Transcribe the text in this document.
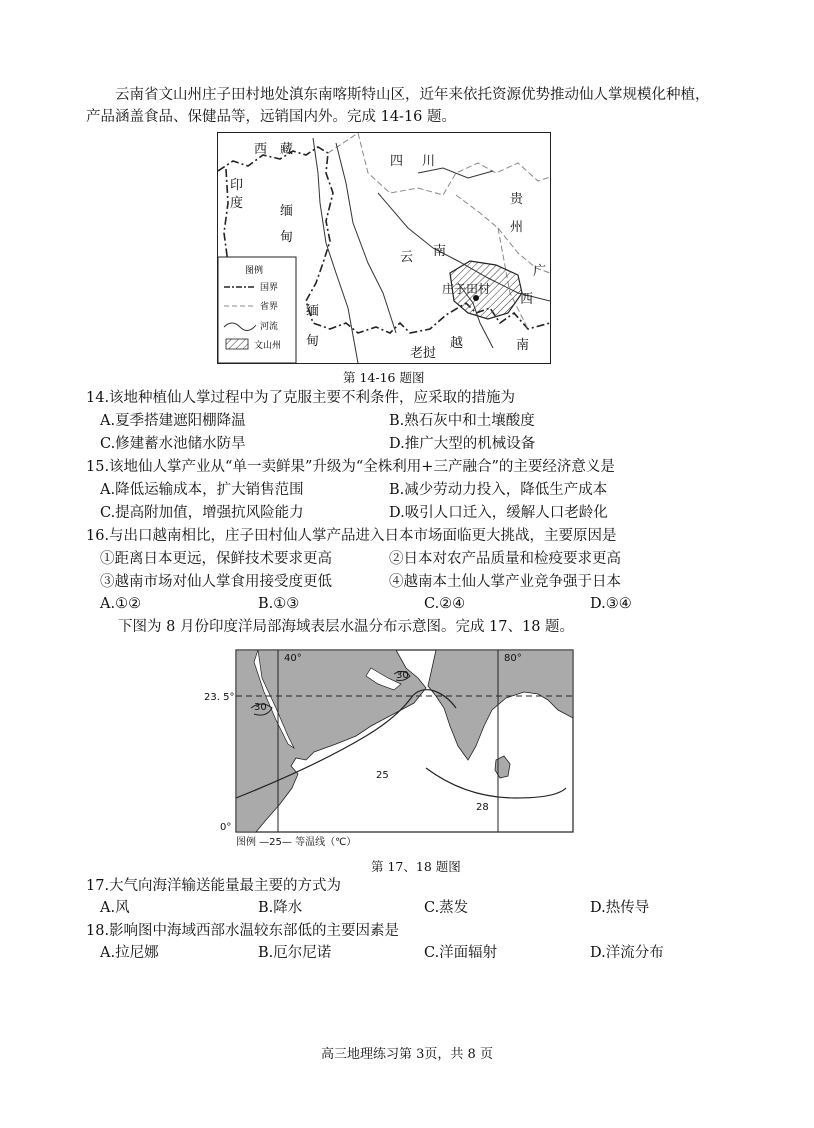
云南省文山州庄子田村地处滇东南喀斯特山区，近年来依托资源优势推动仙人掌规模化种植，
产品涵盖食品、保健品等，远销国内外。完成 14-16 题。
西 藏
四 川
贵
州
印
度
缅
甸
缅
甸
云 南
广
西
越	南
老挝
庄子田村
图例
国界
省界
河流
文山州
第 14-16 题图
14.该地种植仙人掌过程中为了克服主要不利条件，应采取的措施为
A.夏季搭建遮阳棚降温	B.熟石灰中和土壤酸度
C.修建蓄水池储水防旱	D.推广大型的机械设备
15.该地仙人掌产业从“单一卖鲜果”升级为“全株利用+三产融合”的主要经济意义是
A.降低运输成本，扩大销售范围	B.减少劳动力投入，降低生产成本
C.提高附加值，增强抗风险能力	D.吸引人口迁入，缓解人口老龄化
16.与出口越南相比，庄子田村仙人掌产品进入日本市场面临更大挑战，主要原因是
①距离日本更远，保鲜技术要求更高	②日本对农产品质量和检疫要求更高
③越南市场对仙人掌食用接受度更低	④越南本土仙人掌产业竞争强于日本
A.①②	B.①③	C.②④	D.③④
下图为 8 月份印度洋局部海域表层水温分布示意图。完成 17、18 题。
40°	80°
23. 5°
0°
30
30
25
28
图例 —25— 等温线（℃）
第 17、18 题图
17.大气向海洋输送能量最主要的方式为
A.风	B.降水	C.蒸发	D.热传导
18.影响图中海域西部水温较东部低的主要因素是
A.拉尼娜	B.厄尔尼诺	C.洋面辐射	D.洋流分布
高三地理练习第 3页，共 8 页
